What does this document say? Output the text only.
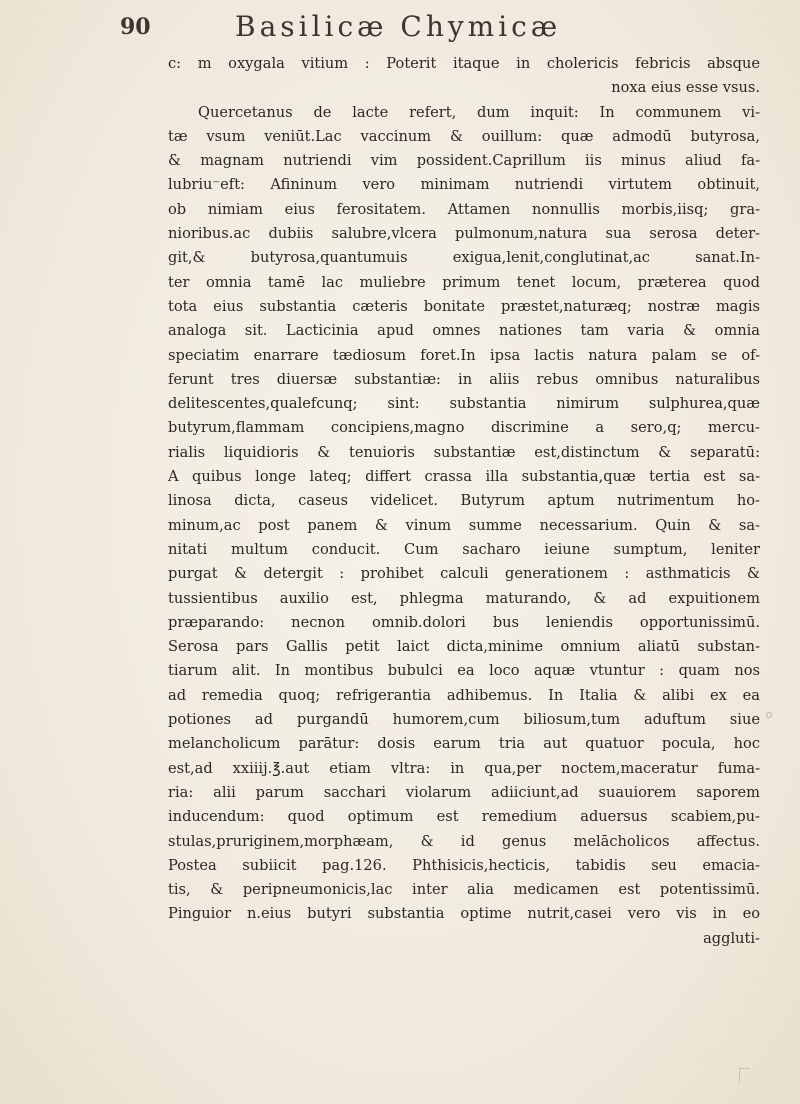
90	Basilicæ Chymicæ
c: m oxygala vitium : Poterit itaque in cholericis febricis absque
noxa eius esse vsus.
Quercetanus de lacte refert, dum inquit: In communem vi-
tæ vsum veniūt.Lac vaccinum & ouillum: quæ admodū butyrosa,
& magnam nutriendi vim possident.Caprillum iis minus aliud fa-
lubriu⁻eft: Afininum vero minimam nutriendi virtutem obtinuit,
ob nimiam eius ferositatem. Attamen nonnullis morbis,iisq; gra-
nioribus.ac dubiis salubre,vlcera pulmonum,natura sua serosa deter-
git,& butyrosa,quantumuis exigua,lenit,conglutinat,ac sanat.In-
ter omnia tamē lac muliebre primum tenet locum, præterea quod
tota eius substantia cæteris bonitate præstet,naturæq; nostræ magis
analoga sit. Lacticinia apud omnes nationes tam varia & omnia
speciatim enarrare tædiosum foret.In ipsa lactis natura palam se of-
ferunt tres diuersæ substantiæ: in aliis rebus omnibus naturalibus
delitescentes,qualefcunq; sint: substantia nimirum sulphurea,quæ
butyrum,flammam concipiens,magno discrimine a sero,q; mercu-
rialis liquidioris & tenuioris substantiæ est,distinctum & separatū:
A quibus longe lateq; differt crassa illa substantia,quæ tertia est sa-
linosa dicta, caseus videlicet. Butyrum aptum nutrimentum ho-
minum,ac post panem & vinum summe necessarium. Quin & sa-
nitati multum conducit. Cum sacharo ieiune sumptum, leniter
purgat & detergit : prohibet calculi generationem : asthmaticis &
tussientibus auxilio est, phlegma maturando, & ad expuitionem
præparando: necnon omnib.dolori bus leniendis opportunissimū.
Serosa pars Gallis petit laict dicta,minime omnium aliatū substan-
tiarum alit. In montibus bubulci ea loco aquæ vtuntur : quam nos
ad remedia quoq; refrigerantia adhibemus. In Italia & alibi ex ea
potiones ad purgandū humorem,cum biliosum,tum aduftum siue
melancholicum parātur: dosis earum tria aut quatuor pocula, hoc
est,ad xxiiij.℥.aut etiam vltra: in qua,per noctem,maceratur fuma-
ria: alii parum sacchari violarum adiiciunt,ad suauiorem saporem
inducendum: quod optimum est remedium aduersus scabiem,pu-
stulas,pruriginem,morphæam, & id genus melācholicos affectus.
Postea subiicit pag.126. Phthisicis,hecticis, tabidis seu emacia-
tis, & peripneumonicis,lac inter alia medicamen est potentissimū.
Pinguior n.eius butyri substantia optime nutrit,casei vero vis in eo
aggluti-
